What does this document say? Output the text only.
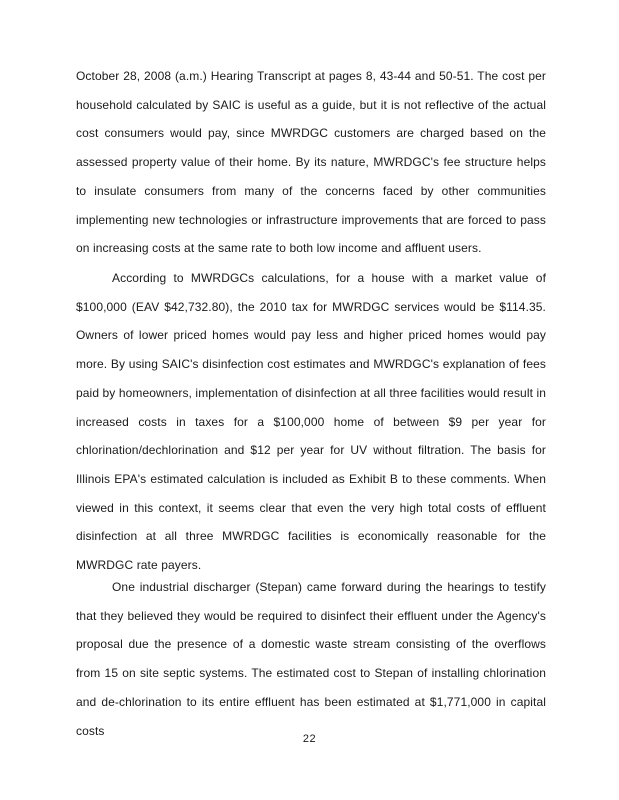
October 28, 2008 (a.m.) Hearing Transcript at pages 8, 43-44 and 50-51. The cost per household calculated by SAIC is useful as a guide, but it is not reflective of the actual cost consumers would pay, since MWRDGC customers are charged based on the assessed property value of their home. By its nature, MWRDGC's fee structure helps to insulate consumers from many of the concerns faced by other communities implementing new technologies or infrastructure improvements that are forced to pass on increasing costs at the same rate to both low income and affluent users.

According to MWRDGCs calculations, for a house with a market value of $100,000 (EAV $42,732.80), the 2010 tax for MWRDGC services would be $114.35. Owners of lower priced homes would pay less and higher priced homes would pay more. By using SAIC's disinfection cost estimates and MWRDGC's explanation of fees paid by homeowners, implementation of disinfection at all three facilities would result in increased costs in taxes for a $100,000 home of between $9 per year for chlorination/dechlorination and $12 per year for UV without filtration. The basis for Illinois EPA's estimated calculation is included as Exhibit B to these comments. When viewed in this context, it seems clear that even the very high total costs of effluent disinfection at all three MWRDGC facilities is economically reasonable for the MWRDGC rate payers.

One industrial discharger (Stepan) came forward during the hearings to testify that they believed they would be required to disinfect their effluent under the Agency's proposal due the presence of a domestic waste stream consisting of the overflows from 15 on site septic systems. The estimated cost to Stepan of installing chlorination and de-chlorination to its entire effluent has been estimated at $1,771,000 in capital costs

22
